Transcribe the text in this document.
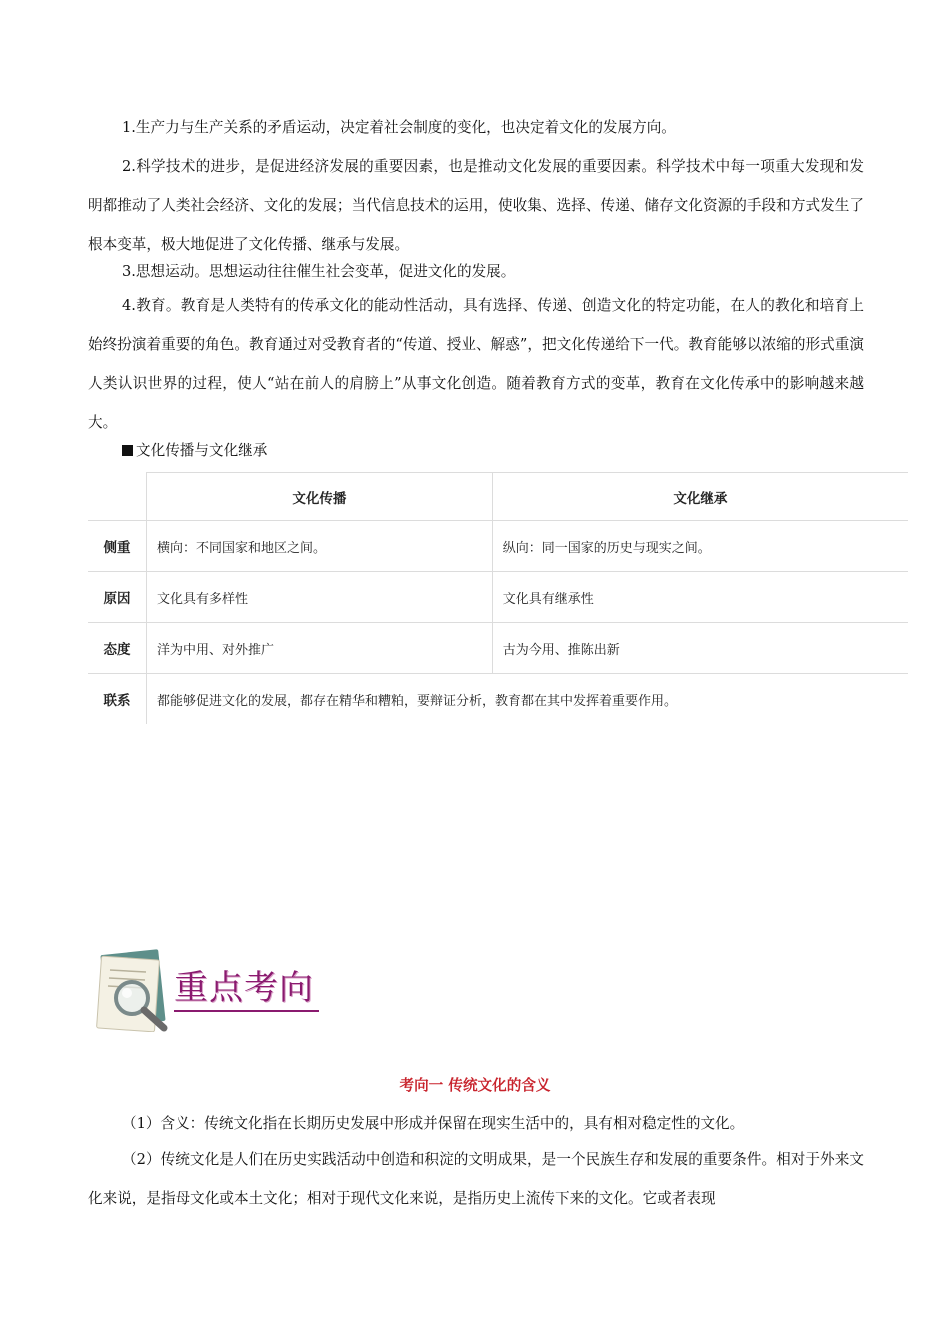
1.生产力与生产关系的矛盾运动，决定着社会制度的变化，也决定着文化的发展方向。

2.科学技术的进步，是促进经济发展的重要因素，也是推动文化发展的重要因素。科学技术中每一项重大发现和发明都推动了人类社会经济、文化的发展；当代信息技术的运用，使收集、选择、传递、储存文化资源的手段和方式发生了根本变革，极大地促进了文化传播、继承与发展。

3.思想运动。思想运动往往催生社会变革，促进文化的发展。

4.教育。教育是人类特有的传承文化的能动性活动，具有选择、传递、创造文化的特定功能，在人的教化和培育上始终扮演着重要的角色。教育通过对受教育者的“传道、授业、解惑”，把文化传递给下一代。教育能够以浓缩的形式重演人类认识世界的过程，使人“站在前人的肩膀上”从事文化创造。随着教育方式的变革，教育在文化传承中的影响越来越大。

文化传播与文化继承
	文化传播	文化继承
侧重	横向：不同国家和地区之间。	纵向：同一国家的历史与现实之间。
原因	文化具有多样性	文化具有继承性
态度	洋为中用、对外推广	古为今用、推陈出新
联系	都能够促进文化的发展，都存在精华和糟粕，要辩证分析，教育都在其中发挥着重要作用。	
重点考向
考向一 传统文化的含义

（1）含义：传统文化指在长期历史发展中形成并保留在现实生活中的，具有相对稳定性的文化。

（2）传统文化是人们在历史实践活动中创造和积淀的文明成果，是一个民族生存和发展的重要条件。相对于外来文化来说，是指母文化或本土文化；相对于现代文化来说，是指历史上流传下来的文化。它或者表现
